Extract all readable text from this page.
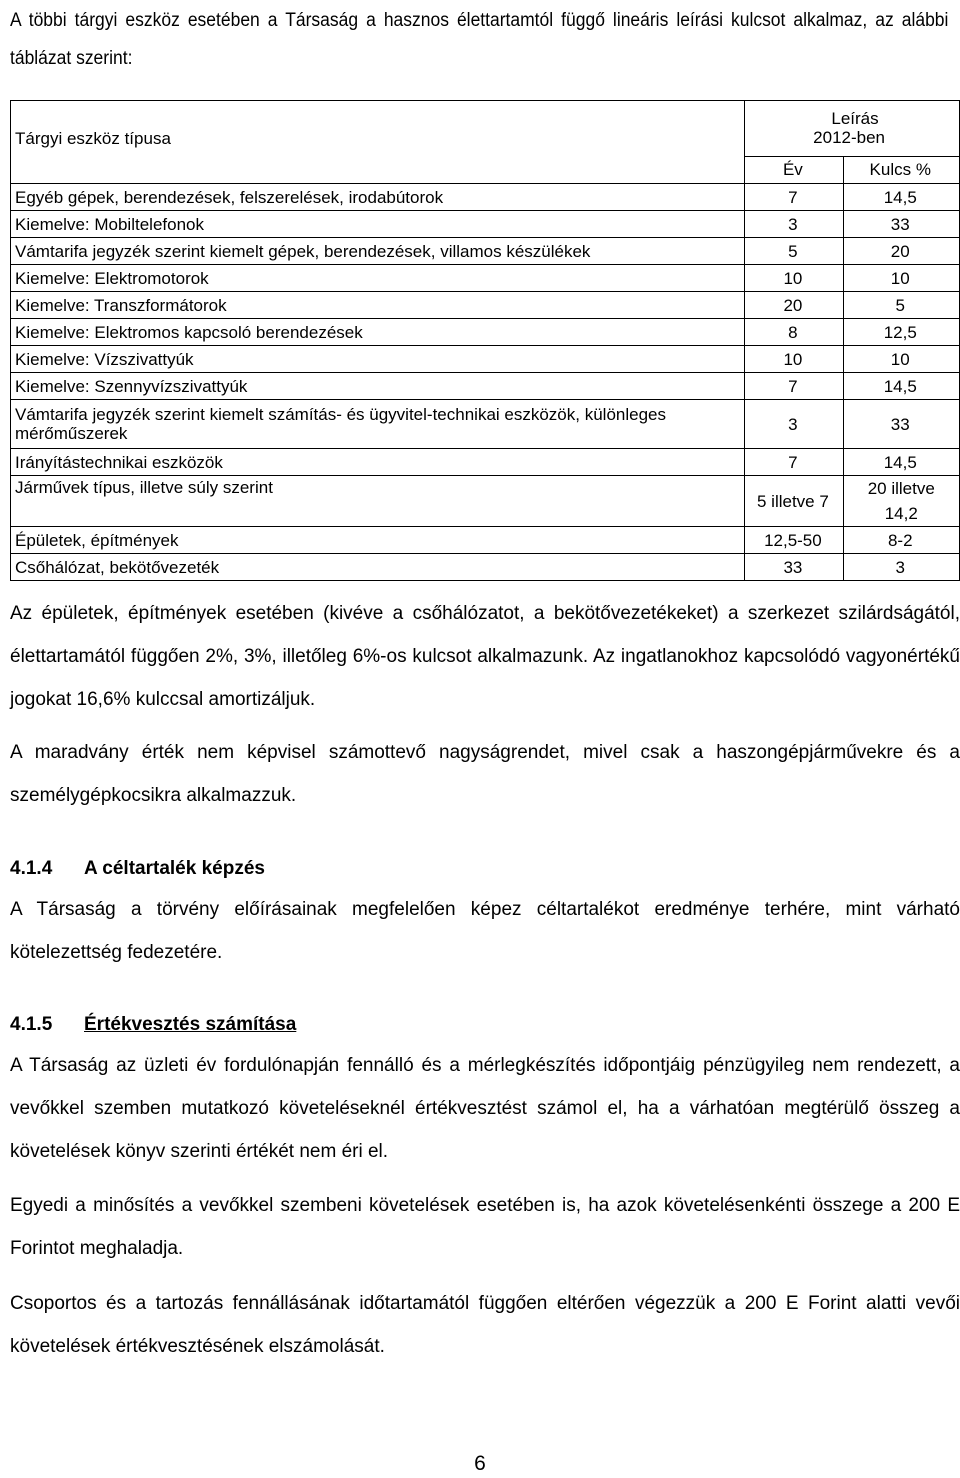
A többi tárgyi eszköz esetében a Társaság a hasznos élettartamtól függő lineáris leírási kulcsot alkalmaz, az alábbi táblázat szerint:

Tárgyi eszköz típusa	Leírás
2012-ben	
	Év	Kulcs %
Egyéb gépek, berendezések, felszerelések, irodabútorok	7	14,5
Kiemelve: Mobiltelefonok	3	33
Vámtarifa jegyzék szerint kiemelt gépek, berendezések, villamos készülékek	5	20
Kiemelve: Elektromotorok	10	10
Kiemelve: Transzformátorok	20	5
Kiemelve: Elektromos kapcsoló berendezések	8	12,5
Kiemelve: Vízszivattyúk	10	10
Kiemelve: Szennyvízszivattyúk	7	14,5
Vámtarifa jegyzék szerint kiemelt számítás- és ügyvitel-technikai eszközök, különleges mérőműszerek	3	33
Irányítástechnikai eszközök	7	14,5
Járművek típus, illetve súly szerint	5 illetve 7	20 illetve 14,2
Épületek, építmények	12,5-50	8-2
Csőhálózat, bekötővezeték	33	3

Az épületek, építmények esetében (kivéve a csőhálózatot, a bekötővezetékeket) a szerkezet szilárdságától, élettartamától függően 2%, 3%, illetőleg 6%-os kulcsot alkalmazunk. Az ingatlanokhoz kapcsolódó vagyonértékű jogokat 16,6% kulccsal amortizáljuk.

A maradvány érték nem képvisel számottevő nagyságrendet, mivel csak a haszongépjárművekre és a személygépkocsikra alkalmazzuk.

4.1.4 A céltartalék képzés

A Társaság a törvény előírásainak megfelelően képez céltartalékot eredménye terhére, mint várható kötelezettség fedezetére.

4.1.5 Értékvesztés számítása

A Társaság az üzleti év fordulónapján fennálló és a mérlegkészítés időpontjáig pénzügyileg nem rendezett, a vevőkkel szemben mutatkozó követeléseknél értékvesztést számol el, ha a várhatóan megtérülő összeg a követelések könyv szerinti értékét nem éri el.

Egyedi a minősítés a vevőkkel szembeni követelések esetében is, ha azok követelésenkénti összege a 200 E Forintot meghaladja.

Csoportos és a tartozás fennállásának időtartamától függően eltérően végezzük a 200 E Forint alatti vevői követelések értékvesztésének elszámolását.

6
